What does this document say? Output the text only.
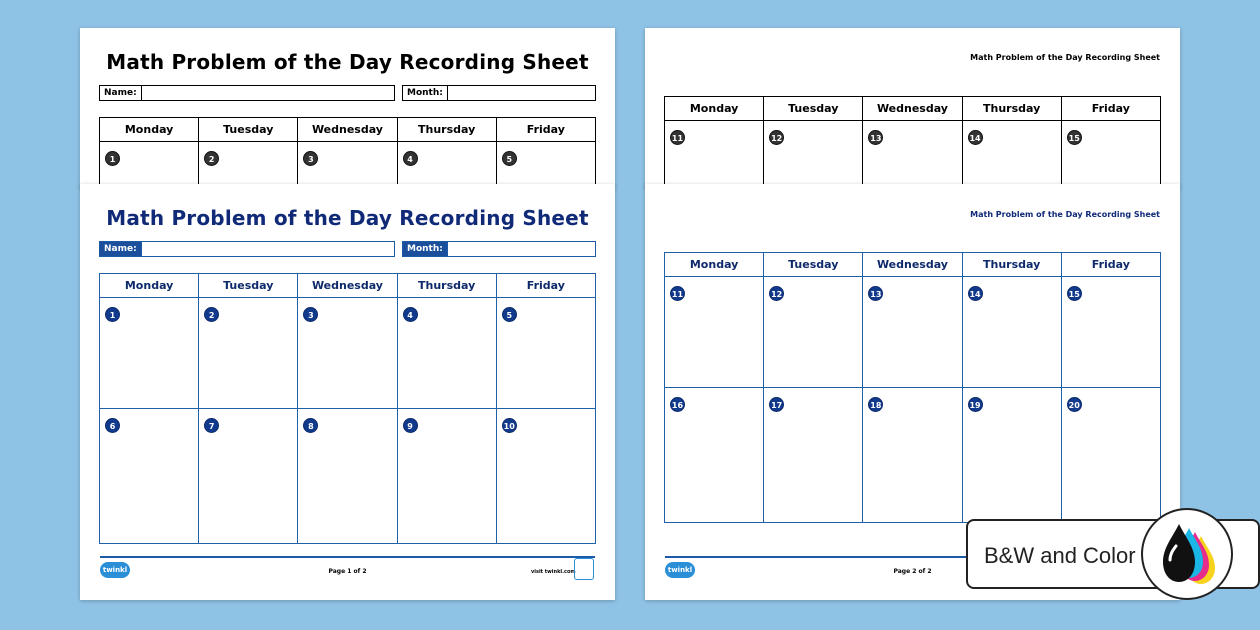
Math Problem of the Day Recording Sheet
Name:	Month:
Monday	Tuesday	Wednesday	Thursday	Friday
1	2	3	4	5
Math Problem of the Day Recording Sheet
Name:	Month:
Monday	Tuesday	Wednesday	Thursday	Friday
1	2	3	4	5
6	7	8	9	10
twinkl	Page 1 of 2	visit twinkl.com
Math Problem of the Day Recording Sheet
Monday	Tuesday	Wednesday	Thursday	Friday
11	12	13	14	15
Math Problem of the Day Recording Sheet
Monday	Tuesday	Wednesday	Thursday	Friday
11	12	13	14	15
16	17	18	19	20
twinkl	Page 2 of 2
B&W and Color
